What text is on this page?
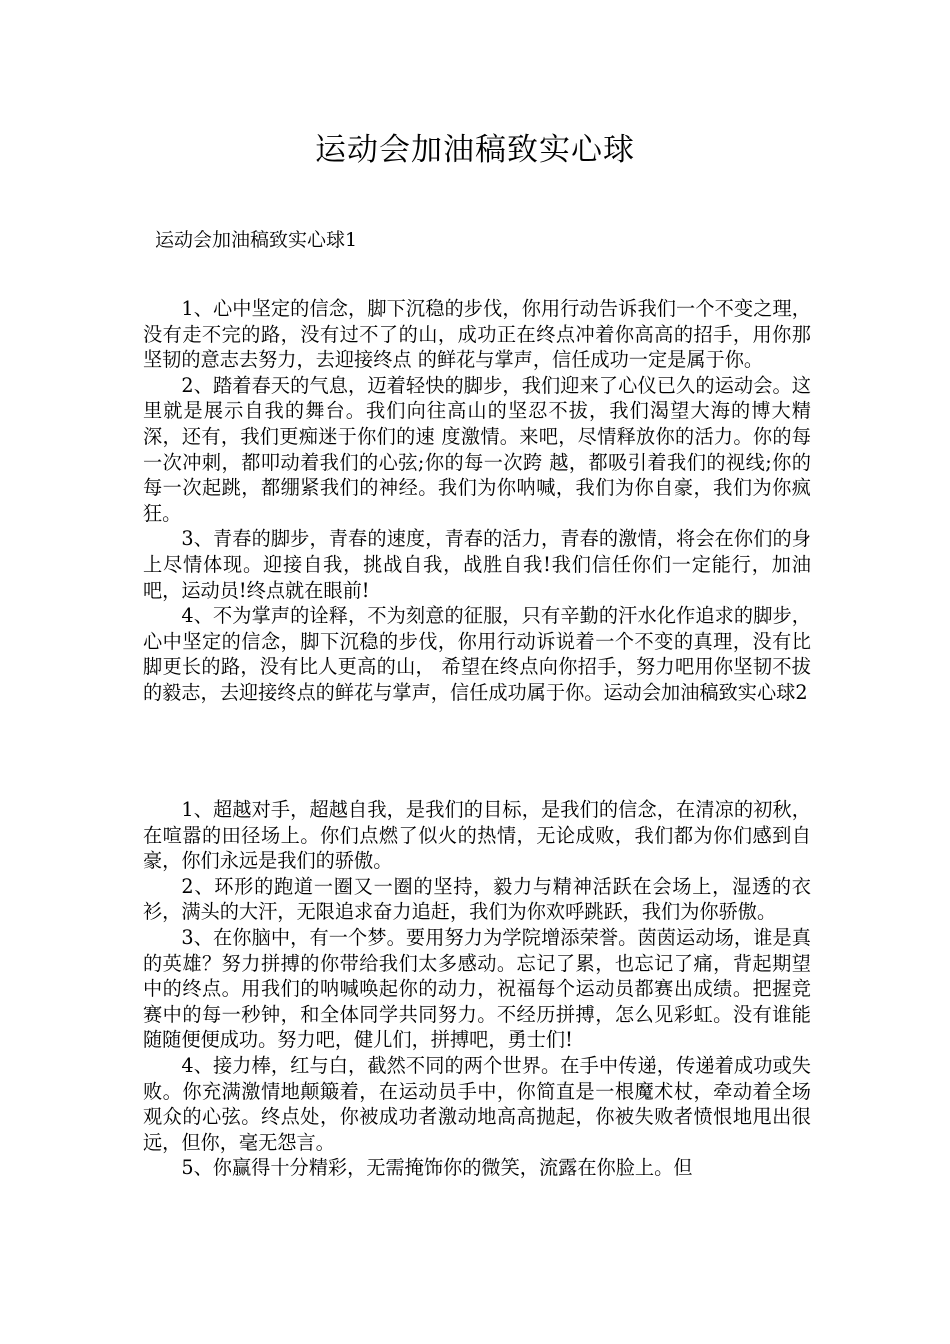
运动会加油稿致实心球
运动会加油稿致实心球1

1、心中坚定的信念，脚下沉稳的步伐，你用行动告诉我们一个不变之理，没有走不完的路，没有过不了的山，成功正在终点冲着你高高的招手，用你那坚韧的意志去努力，去迎接终点 的鲜花与掌声，信任成功一定是属于你。

2、踏着春天的气息，迈着轻快的脚步，我们迎来了心仪已久的运动会。这里就是展示自我的舞台。我们向往高山的坚忍不拔，我们渴望大海的博大精深，还有，我们更痴迷于你们的速 度激情。来吧，尽情释放你的活力。你的每一次冲刺，都叩动着我们的心弦;你的每一次跨 越，都吸引着我们的视线;你的每一次起跳，都绷紧我们的神经。我们为你呐喊，我们为你自豪，我们为你疯狂。

3、青春的脚步，青春的速度，青春的活力，青春的激情，将会在你们的身上尽情体现。迎接自我，挑战自我，战胜自我!我们信任你们一定能行，加油吧，运动员!终点就在眼前!

4、不为掌声的诠释，不为刻意的征服，只有辛勤的汗水化作追求的脚步，心中坚定的信念，脚下沉稳的步伐，你用行动诉说着一个不变的真理，没有比脚更长的路，没有比人更高的山， 希望在终点向你招手，努力吧用你坚韧不拔的毅志，去迎接终点的鲜花与掌声，信任成功属于你。运动会加油稿致实心球2

1、超越对手，超越自我，是我们的目标，是我们的信念，在清凉的初秋，在喧嚣的田径场上。你们点燃了似火的热情，无论成败，我们都为你们感到自豪，你们永远是我们的骄傲。

2、环形的跑道一圈又一圈的坚持，毅力与精神活跃在会场上，湿透的衣衫，满头的大汗，无限追求奋力追赶，我们为你欢呼跳跃，我们为你骄傲。

3、在你脑中，有一个梦。要用努力为学院增添荣誉。茵茵运动场，谁是真的英雄？努力拼搏的你带给我们太多感动。忘记了累，也忘记了痛，背起期望中的终点。用我们的呐喊唤起你的动力，祝福每个运动员都赛出成绩。把握竞赛中的每一秒钟，和全体同学共同努力。不经历拼搏，怎么见彩虹。没有谁能随随便便成功。努力吧，健儿们，拼搏吧，勇士们!

4、接力棒，红与白，截然不同的两个世界。在手中传递，传递着成功或失败。你充满激情地颠簸着，在运动员手中，你简直是一根魔术杖，牵动着全场观众的心弦。终点处，你被成功者激动地高高抛起，你被失败者愤恨地甩出很远，但你，毫无怨言。

5、你赢得十分精彩，无需掩饰你的微笑，流露在你脸上。但
